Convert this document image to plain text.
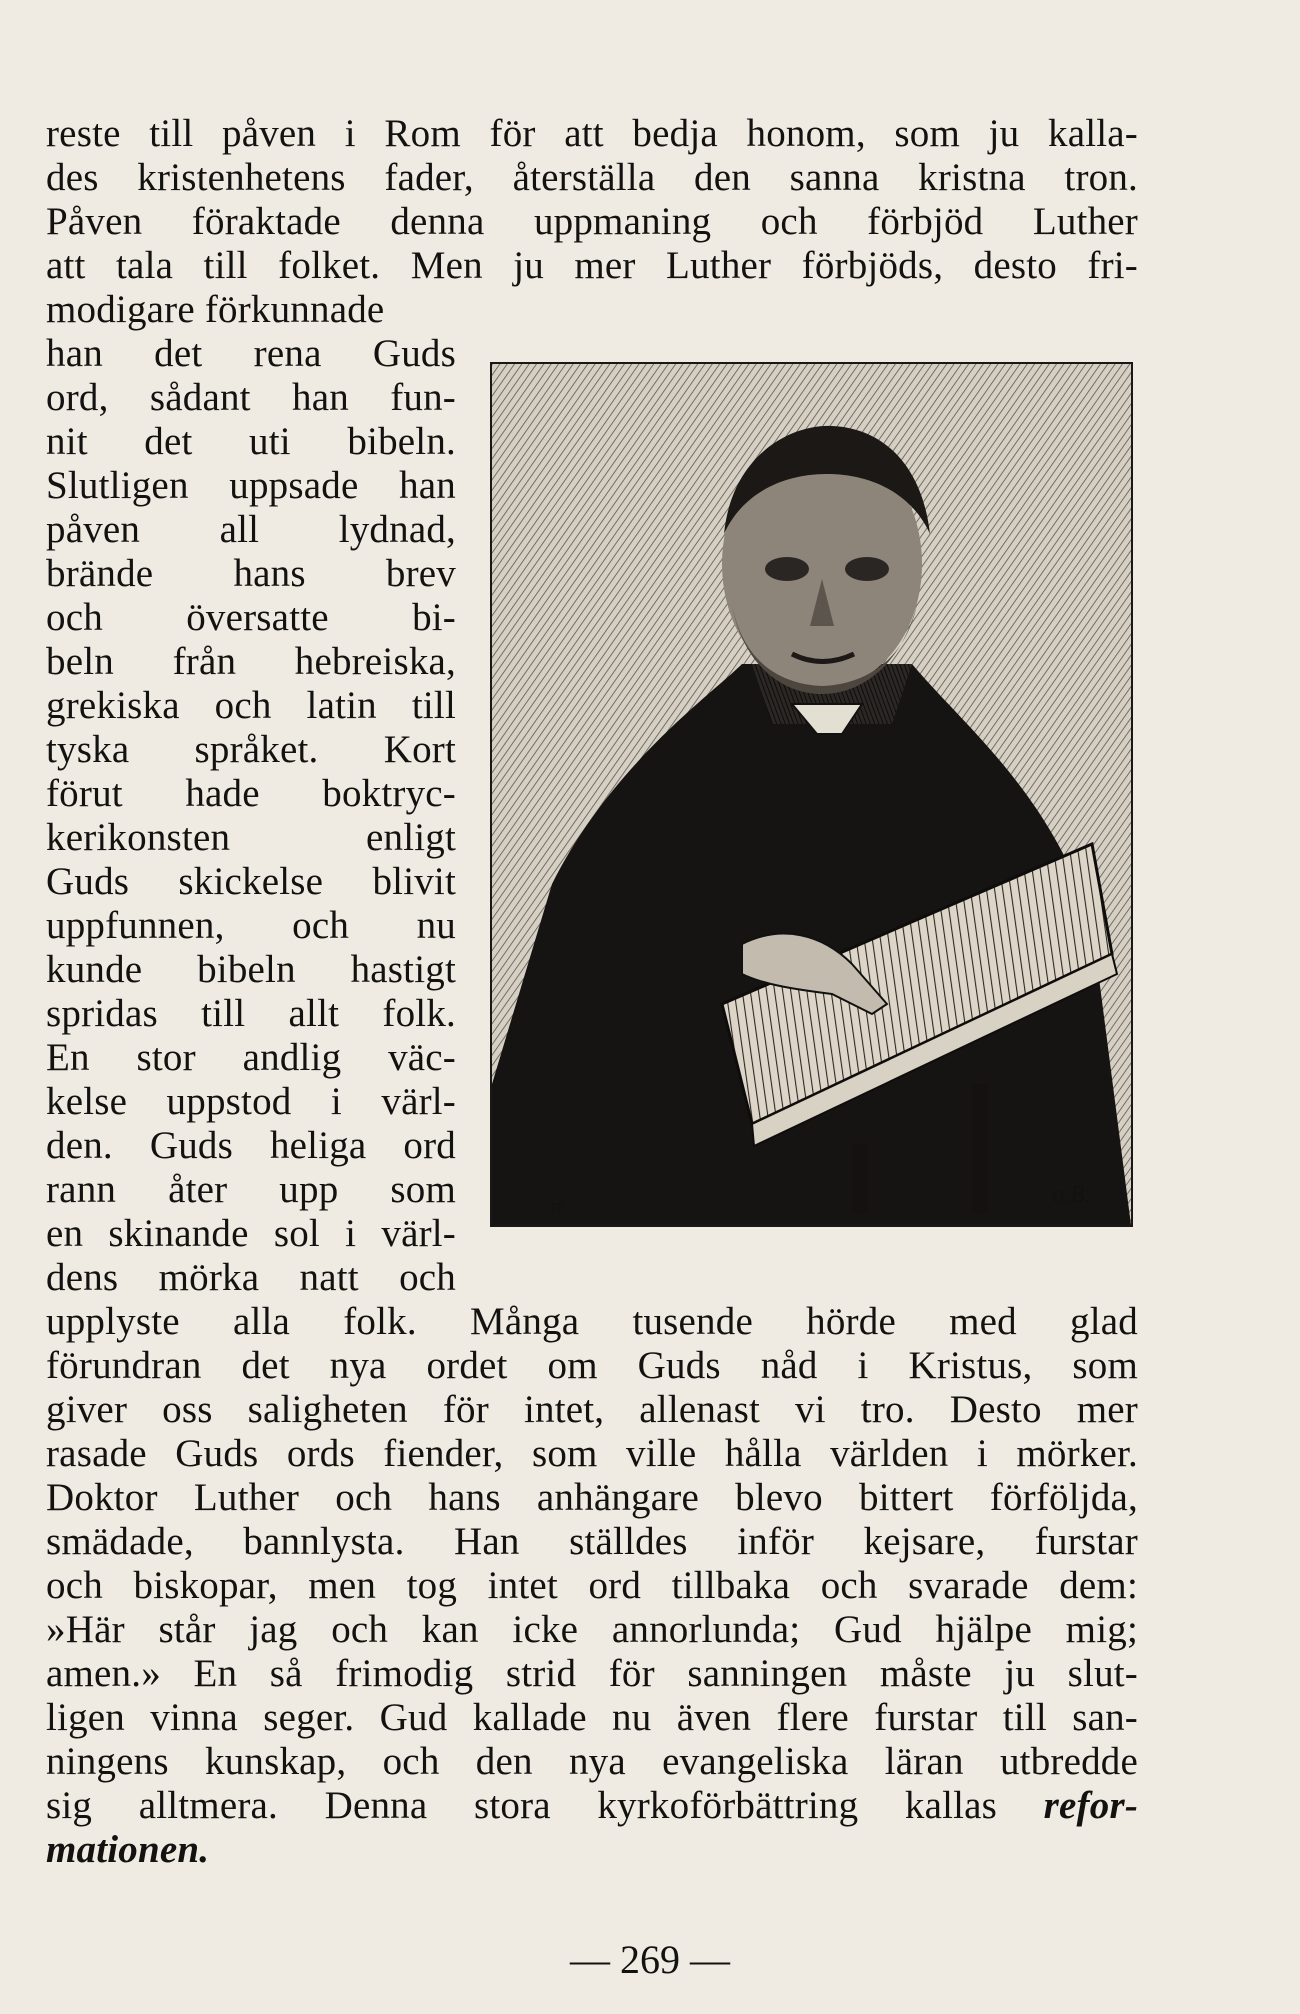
reste till påven i Rom för att bedja honom, som ju kalla-
des kristenhetens fader, återställa den sanna kristna tron.
Påven föraktade denna uppmaning och förbjöd Luther
att tala till folket. Men ju mer Luther förbjöds, desto fri-
modigare förkunnade
han det rena Guds
ord, sådant han fun-
nit det uti bibeln.
Slutligen uppsade han
påven all lydnad,
brände hans brev
och översatte bi-
beln från hebreiska,
grekiska och latin till
tyska språket. Kort
förut hade boktryc-
kerikonsten enligt
Guds skickelse blivit
uppfunnen, och nu
kunde bibeln hastigt
spridas till allt folk.
En stor andlig väc-
kelse uppstod i värl-
den. Guds heliga ord
rann åter upp som
en skinande sol i värl-
dens mörka natt och
upplyste alla folk. Många tusende hörde med glad
förundran det nya ordet om Guds nåd i Kristus, som
giver oss saligheten för intet, allenast vi tro. Desto mer
rasade Guds ords fiender, som ville hålla världen i mörker.
Doktor Luther och hans anhängare blevo bittert förföljda,
smädade, bannlysta. Han ställdes inför kejsare, furstar
och biskopar, men tog intet ord tillbaka och svarade dem:
»Här står jag och kan icke annorlunda; Gud hjälpe mig;
amen.» En så frimodig strid för sanningen måste ju slut-
ligen vinna seger. Gud kallade nu även flere furstar till san-
ningens kunskap, och den nya evangeliska läran utbredde
sig alltmera. Denna stora kyrkoförbättring kallas refor-
mationen.
FF
o.B.
— 269 —
